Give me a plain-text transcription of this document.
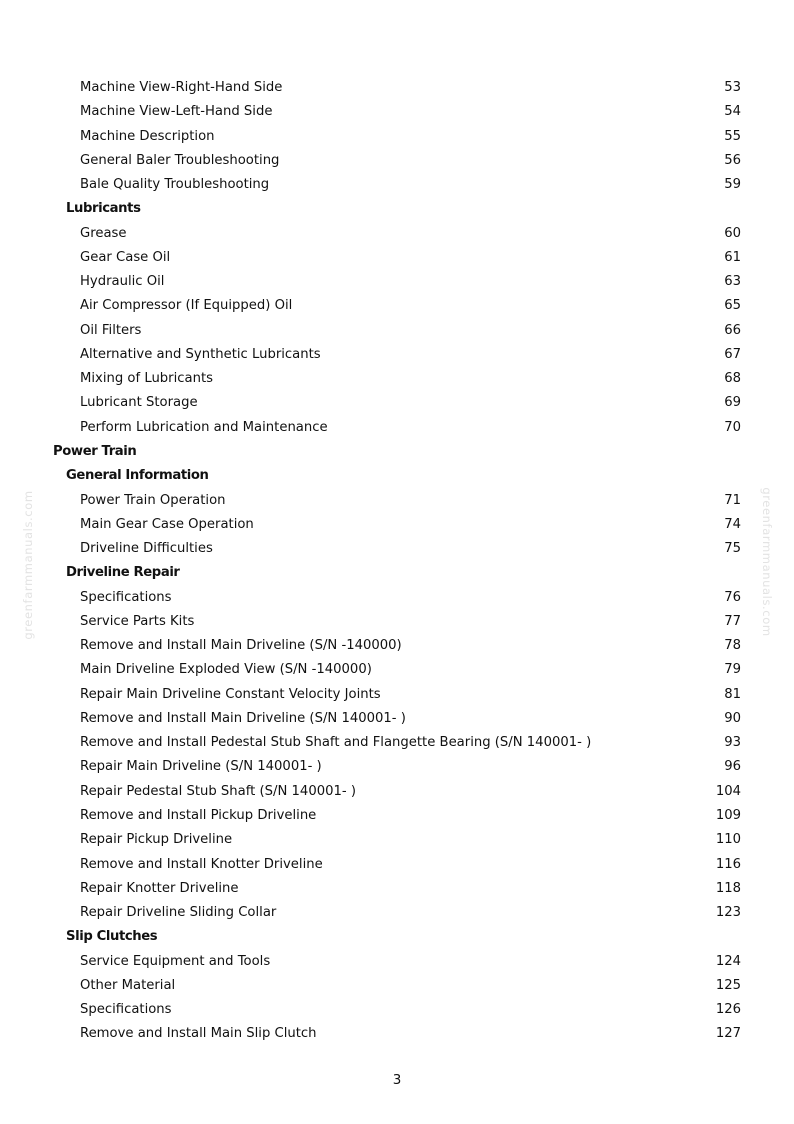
Machine View-Right-Hand Side	53
Machine View-Left-Hand Side	54
Machine Description	55
General Baler Troubleshooting	56
Bale Quality Troubleshooting	59
Lubricants
Grease	60
Gear Case Oil	61
Hydraulic Oil	63
Air Compressor (If Equipped) Oil	65
Oil Filters	66
Alternative and Synthetic Lubricants	67
Mixing of Lubricants	68
Lubricant Storage	69
Perform Lubrication and Maintenance	70
Power Train
General Information
Power Train Operation	71
Main Gear Case Operation	74
Driveline Difficulties	75
Driveline Repair
Specifications	76
Service Parts Kits	77
Remove and Install Main Driveline (S/N -140000)	78
Main Driveline Exploded View (S/N -140000)	79
Repair Main Driveline Constant Velocity Joints	81
Remove and Install Main Driveline (S/N 140001- )	90
Remove and Install Pedestal Stub Shaft and Flangette Bearing (S/N 140001- )	93
Repair Main Driveline (S/N 140001- )	96
Repair Pedestal Stub Shaft (S/N 140001- )	104
Remove and Install Pickup Driveline	109
Repair Pickup Driveline	110
Remove and Install Knotter Driveline	116
Repair Knotter Driveline	118
Repair Driveline Sliding Collar	123
Slip Clutches
Service Equipment and Tools	124
Other Material	125
Specifications	126
Remove and Install Main Slip Clutch	127
3
greenfarmmanuals.com	greenfarmmanuals.com
